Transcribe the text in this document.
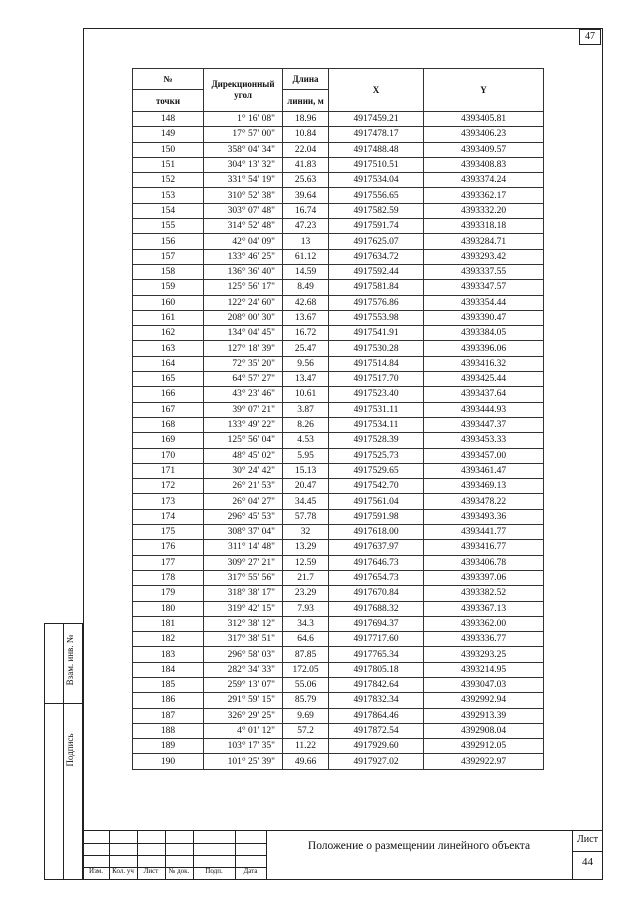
47
№	Дирекционный угол	Длина	X	Y
точки		линии, м		
148	1° 16' 08"	18.96	4917459.21	4393405.81
149	17° 57' 00"	10.84	4917478.17	4393406.23
150	358° 04' 34"	22.04	4917488.48	4393409.57
151	304° 13' 32"	41.83	4917510.51	4393408.83
152	331° 54' 19"	25.63	4917534.04	4393374.24
153	310° 52' 38"	39.64	4917556.65	4393362.17
154	303° 07' 48"	16.74	4917582.59	4393332.20
155	314° 52' 48"	47.23	4917591.74	4393318.18
156	42° 04' 09"	13	4917625.07	4393284.71
157	133° 46' 25"	61.12	4917634.72	4393293.42
158	136° 36' 40"	14.59	4917592.44	4393337.55
159	125° 56' 17"	8.49	4917581.84	4393347.57
160	122° 24' 60"	42.68	4917576.86	4393354.44
161	208° 00' 30"	13.67	4917553.98	4393390.47
162	134° 04' 45"	16.72	4917541.91	4393384.05
163	127° 18' 39"	25.47	4917530.28	4393396.06
164	72° 35' 20"	9.56	4917514.84	4393416.32
165	64° 57' 27"	13.47	4917517.70	4393425.44
166	43° 23' 46"	10.61	4917523.40	4393437.64
167	39° 07' 21"	3.87	4917531.11	4393444.93
168	133° 49' 22"	8.26	4917534.11	4393447.37
169	125° 56' 04"	4.53	4917528.39	4393453.33
170	48° 45' 02"	5.95	4917525.73	4393457.00
171	30° 24' 42"	15.13	4917529.65	4393461.47
172	26° 21' 53"	20.47	4917542.70	4393469.13
173	26° 04' 27"	34.45	4917561.04	4393478.22
174	296° 45' 53"	57.78	4917591.98	4393493.36
175	308° 37' 04"	32	4917618.00	4393441.77
176	311° 14' 48"	13.29	4917637.97	4393416.77
177	309° 27' 21"	12.59	4917646.73	4393406.78
178	317° 55' 56"	21.7	4917654.73	4393397.06
179	318° 38' 17"	23.29	4917670.84	4393382.52
180	319° 42' 15"	7.93	4917688.32	4393367.13
181	312° 38' 12"	34.3	4917694.37	4393362.00
182	317° 38' 51"	64.6	4917717.60	4393336.77
183	296° 58' 03"	87.85	4917765.34	4393293.25
184	282° 34' 33"	172.05	4917805.18	4393214.95
185	259° 13' 07"	55.06	4917842.64	4393047.03
186	291° 59' 15"	85.79	4917832.34	4392992.94
187	326° 29' 25"	9.69	4917864.46	4392913.39
188	4° 01' 12"	57.2	4917872.54	4392908.04
189	103° 17' 35"	11.22	4917929.60	4392912.05
190	101° 25' 39"	49.66	4917927.02	4392922.97
Взам. инв. №
Подпись
Изм.	Кол. уч	Лист	№ док.	Подп.	Дата
Положение о размещении линейного объекта
Лист
44
